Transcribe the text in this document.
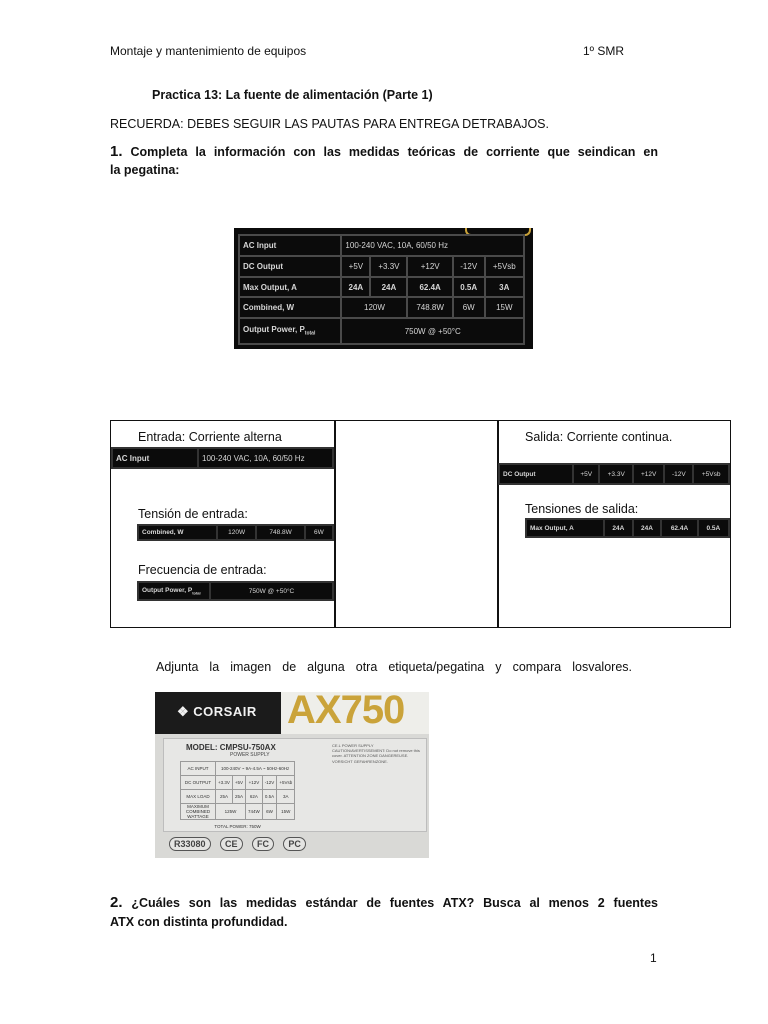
Montaje y mantenimiento de equipos	1º SMR
Practica 13: La fuente de alimentación (Parte 1)
RECUERDA: DEBES SEGUIR LAS PAUTAS PARA ENTREGA DETRABAJOS.
1. Completa la información con las medidas teóricas de corriente que seindican en
la pegatina:
AC Input	100-240 VAC, 10A, 60/50 Hz				
DC Output	+5V	+3.3V	+12V	-12V	+5Vsb
Max Output, A	24A	24A	62.4A	0.5A	3A
Combined, W	120W		748.8W	6W	15W
Output Power, $P_{total}$	750W @ +50°C				
Entrada: Corriente alterna
AC Input	100-240 VAC, 10A, 60/50 Hz
Tensión de entrada:
Combined, W	120W	748.8W	6W
Frecuencia de entrada:
Output Power, $P_{total}$	750W @ +50°C
Salida: Corriente continua.
DC Output	+5V	+3.3V	+12V	-12V	+5Vsb
Tensiones de salida:
Max Output, A	24A	24A	62.4A	0.5A
Adjunta la imagen de alguna otra etiqueta/pegatina y compara losvalores.
❖ CORSAIR AX750
MODEL: CMPSU-750AX
POWER SUPPLY
AC INPUT	100-240V ~ 9A-4.5A ~ 50Hz-60Hz				
DC OUTPUT	+3.3V	+5V	+12V	-12V	+5Vsb
MAX LOAD	25A	25A	62A	0.5A	3A
MAXIMUM COMBINED WATTAGE	125W		744W	6W	15W
TOTAL POWER: 750W					
CE.L POWER SUPPLY CAUTION/AVERTISSEMENT: Do not remove this cover. ATTENTION ZONE DANGEREUSE. VORSICHT GEFAHRENZONE.
R33080 CE FC PC
2. ¿Cuáles son las medidas estándar de fuentes ATX? Busca al menos 2 fuentes
ATX con distinta profundidad.
1
